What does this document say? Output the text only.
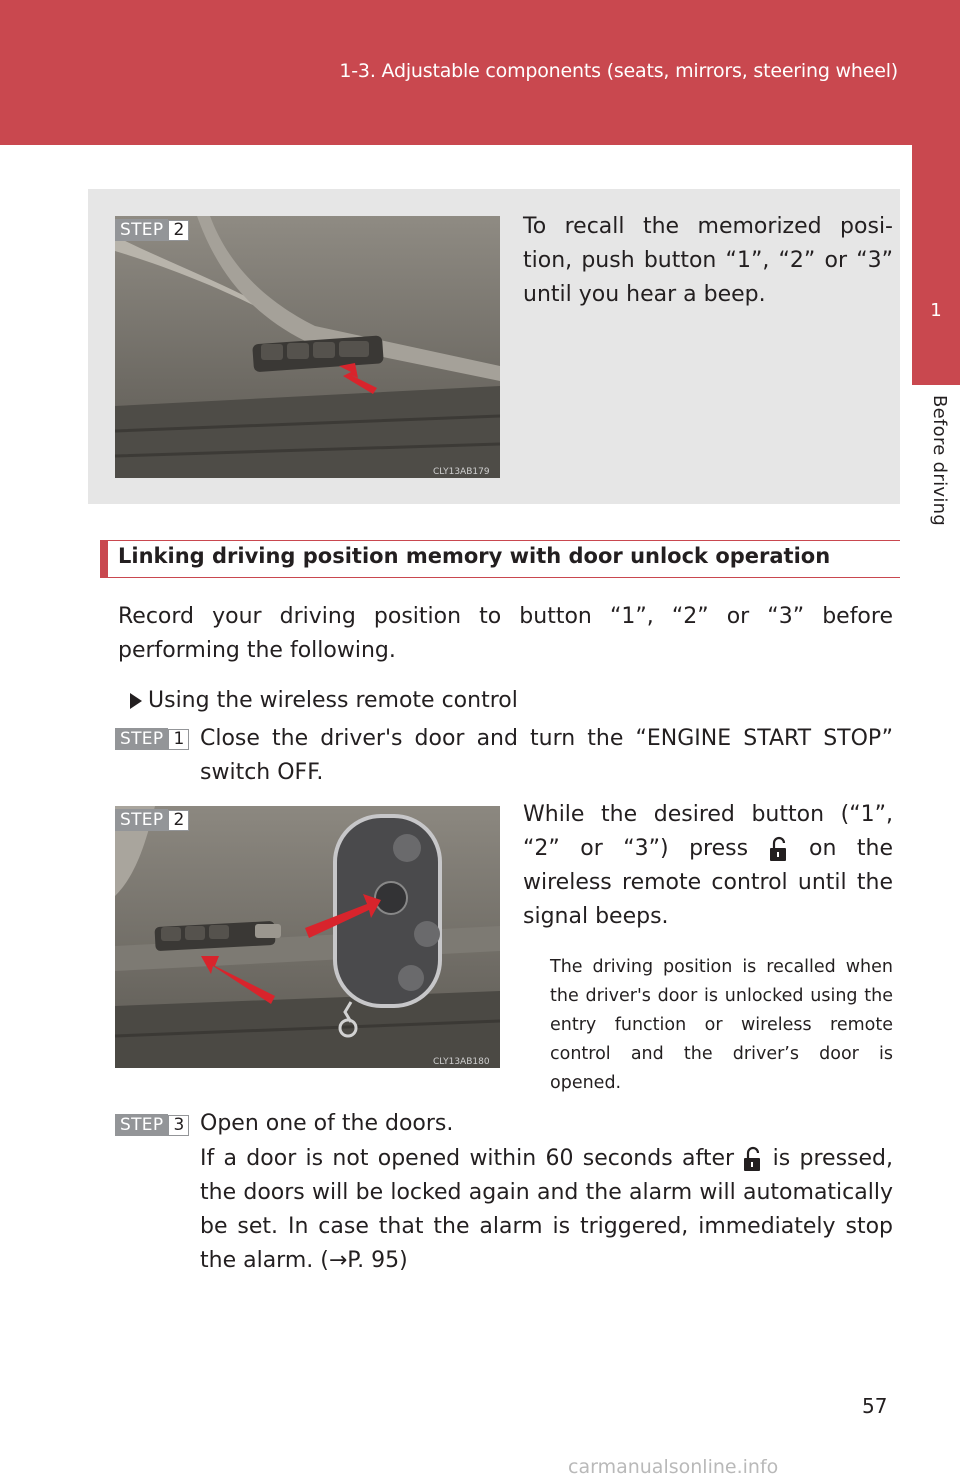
1-3. Adjustable components (seats, mirrors, steering wheel)
1
Before driving
CLY13AB179
STEP 2	To recall the memorized posi-tion, push button “1”, “2” or “3” until you hear a beep.
Linking driving position memory with door unlock operation
Record your driving position to button “1”, “2” or “3” before performing the following.
Using the wireless remote control
STEP 1 Close the driver's door and turn the “ENGINE START STOP” switch OFF.
CLY13AB180
STEP 2	While the desired button (“1”, “2” or “3”) press	on the wireless remote control until the signal beeps.
The driving position is recalled when the driver's door is unlocked using the entry function or wireless remote control and the driver’s door is opened.
STEP 3 Open one of the doors.
If a door is not opened within 60 seconds after is pressed, the doors will be locked again and the alarm will automatically be set. In case that the alarm is triggered, immediately stop the alarm. (→P. 95)
57
carmanualsonline.info
